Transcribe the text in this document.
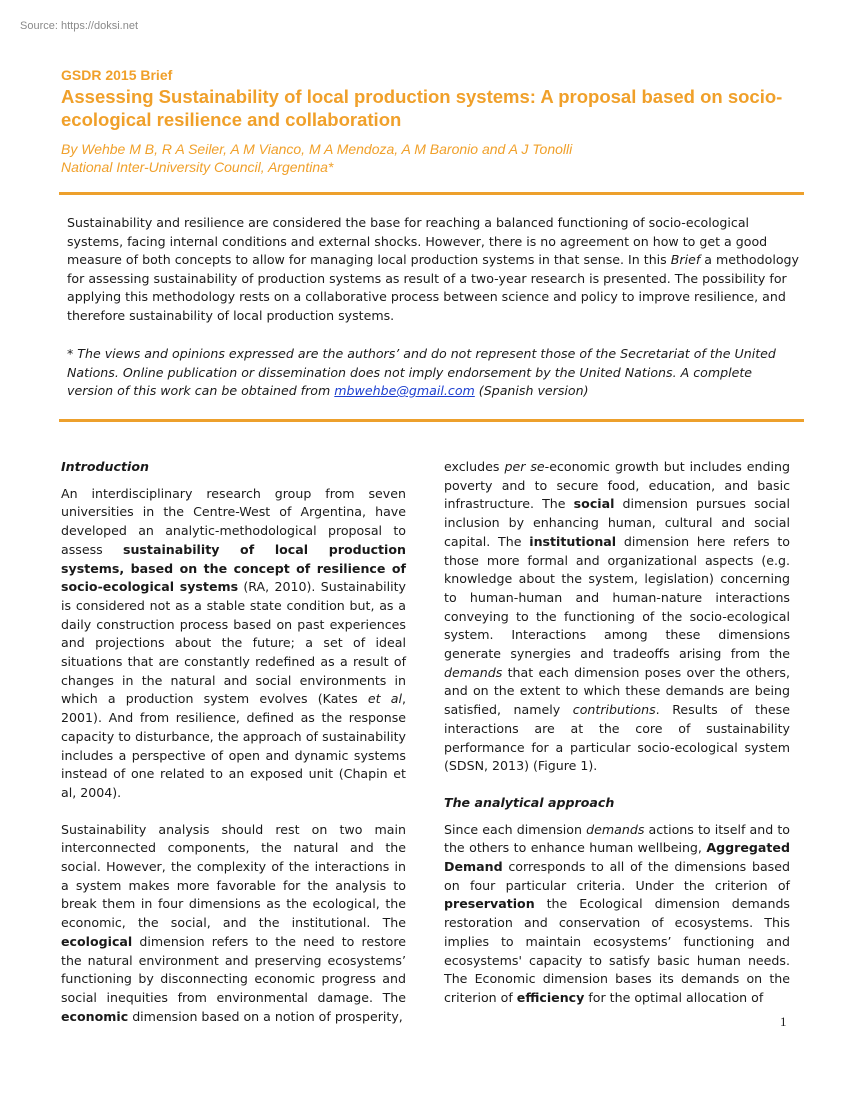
Source: https://doksi.net
GSDR 2015 Brief
Assessing Sustainability of local production systems: A proposal based on socio-ecological resilience and collaboration
By Wehbe M B, R A Seiler, A M Vianco, M A Mendoza, A M Baronio and A J Tonolli
National Inter-University Council, Argentina*

Sustainability and resilience are considered the base for reaching a balanced functioning of socio-ecological systems, facing internal conditions and external shocks. However, there is no agreement on how to get a good measure of both concepts to allow for managing local production systems in that sense. In this Brief a methodology for assessing sustainability of production systems as result of a two-year research is presented. The possibility for applying this methodology rests on a collaborative process between science and policy to improve resilience, and therefore sustainability of local production systems.

* The views and opinions expressed are the authors’ and do not represent those of the Secretariat of the United Nations. Online publication or dissemination does not imply endorsement by the United Nations. A complete version of this work can be obtained from mbwehbe@gmail.com (Spanish version)

Introduction

An interdisciplinary research group from seven universities in the Centre-West of Argentina, have developed an analytic-methodological proposal to assess sustainability of local production systems, based on the concept of resilience of socio-ecological systems (RA, 2010). Sustainability is considered not as a stable state condition but, as a daily construction process based on past experiences and projections about the future; a set of ideal situations that are constantly redefined as a result of changes in the natural and social environments in which a production system evolves (Kates et al, 2001). And from resilience, defined as the response capacity to disturbance, the approach of sustainability includes a perspective of open and dynamic systems instead of one related to an exposed unit (Chapin et al, 2004).

Sustainability analysis should rest on two main interconnected components, the natural and the social. However, the complexity of the interactions in a system makes more favorable for the analysis to break them in four dimensions as the ecological, the economic, the social, and the institutional. The ecological dimension refers to the need to restore the natural environment and preserving ecosystems’ functioning by disconnecting economic progress and social inequities from environmental damage. The economic dimension based on a notion of prosperity,

excludes per se-economic growth but includes ending poverty and to secure food, education, and basic infrastructure. The social dimension pursues social inclusion by enhancing human, cultural and social capital. The institutional dimension here refers to those more formal and organizational aspects (e.g. knowledge about the system, legislation) concerning to human-human and human-nature interactions conveying to the functioning of the socio-ecological system. Interactions among these dimensions generate synergies and tradeoffs arising from the demands that each dimension poses over the others, and on the extent to which these demands are being satisfied, namely contributions. Results of these interactions are at the core of sustainability performance for a particular socio-ecological system (SDSN, 2013) (Figure 1).

The analytical approach

Since each dimension demands actions to itself and to the others to enhance human wellbeing, Aggregated Demand corresponds to all of the dimensions based on four particular criteria. Under the criterion of preservation the Ecological dimension demands restoration and conservation of ecosystems. This implies to maintain ecosystems’ functioning and ecosystems' capacity to satisfy basic human needs. The Economic dimension bases its demands on the criterion of efficiency for the optimal allocation of

1
